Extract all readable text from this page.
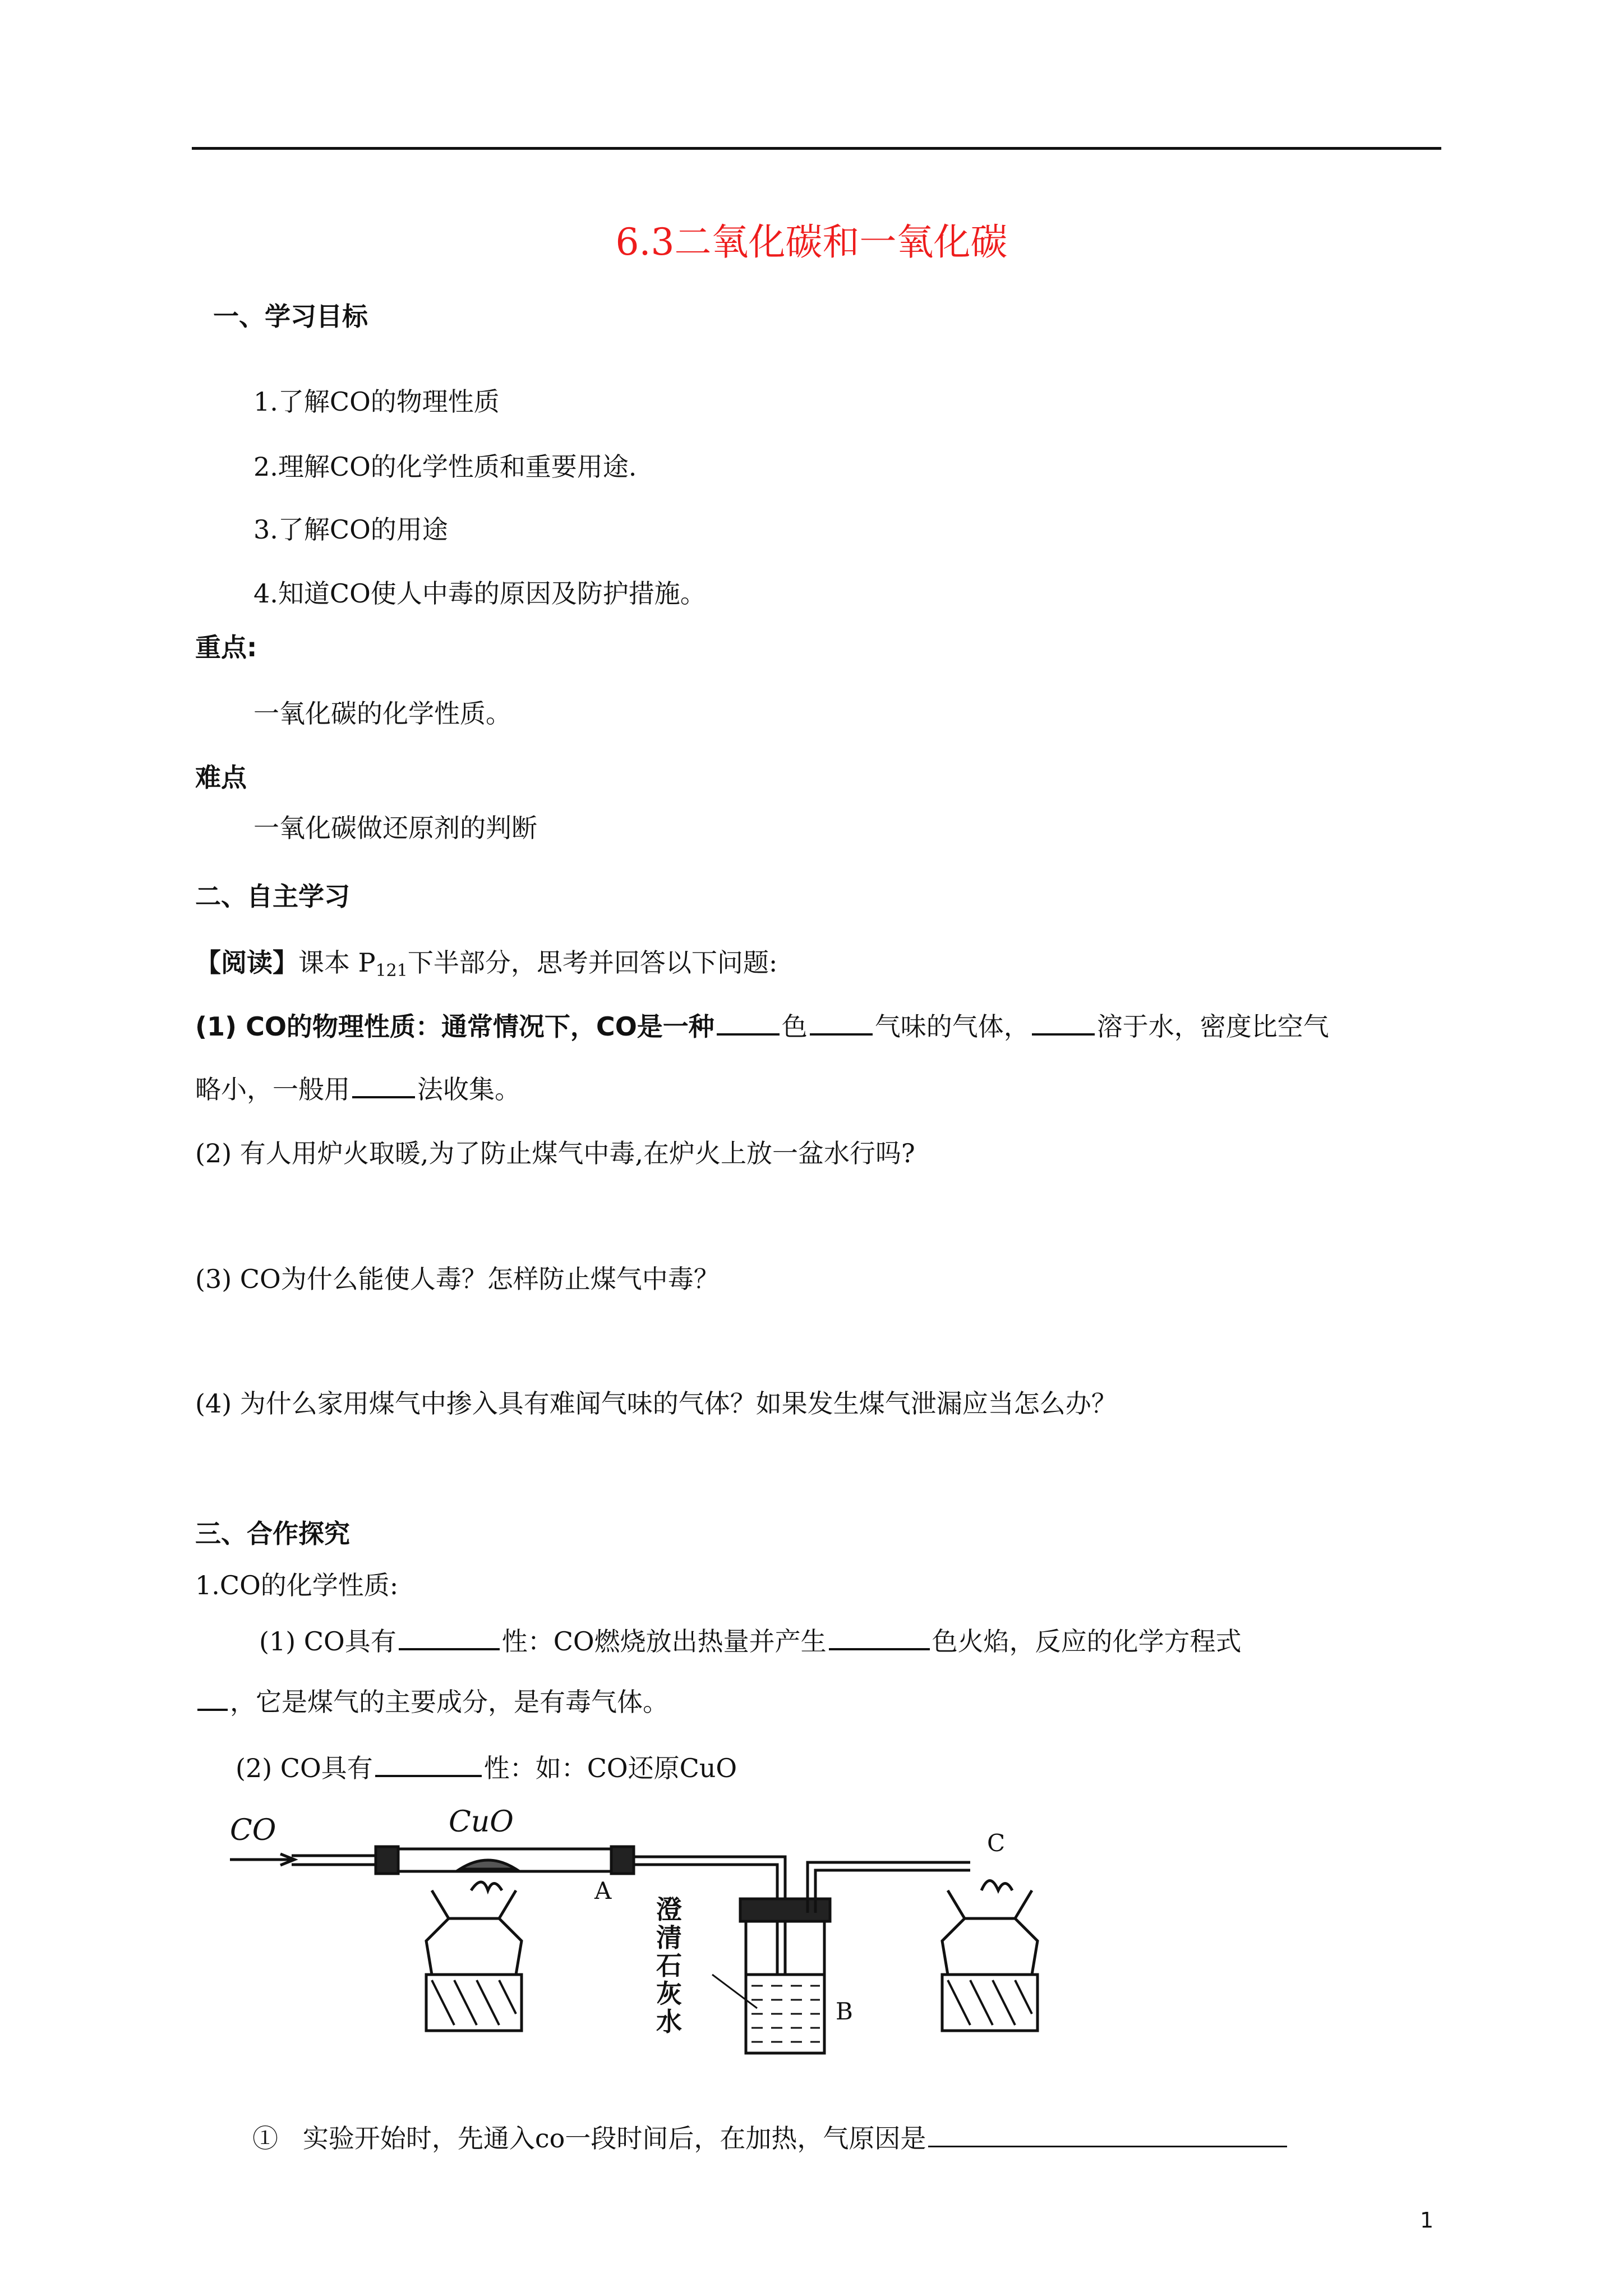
6.3二氧化碳和一氧化碳
一、学习目标
1.了解CO的物理性质
2.理解CO的化学性质和重要用途.
3.了解CO的用途
4.知道CO使人中毒的原因及防护措施。
重点:
一氧化碳的化学性质。
难点
一氧化碳做还原剂的判断
二、自主学习
【阅读】课本 $P_{121}$下半部分，思考并回答以下问题:
(1) CO的物理性质：通常情况下，CO是一种	色	气味的气体，	溶于水，密度比空气
略小，一般用	法收集。
(2) 有人用炉火取暖,为了防止煤气中毒,在炉火上放一盆水行吗?
(3) CO为什么能使人毒？怎样防止煤气中毒？
(4) 为什么家用煤气中掺入具有难闻气味的气体？如果发生煤气泄漏应当怎么办？
三、合作探究
1.CO的化学性质:
(1) CO具有	性：CO燃烧放出热量并产生	色火焰，反应的化学方程式
，它是煤气的主要成分，是有毒气体。
(2) CO具有	性：如：CO还原CuO
CO	CuO
A
B
C
澄
清
石
灰
水
① 实验开始时，先通入co一段时间后，在加热，气原因是
1
